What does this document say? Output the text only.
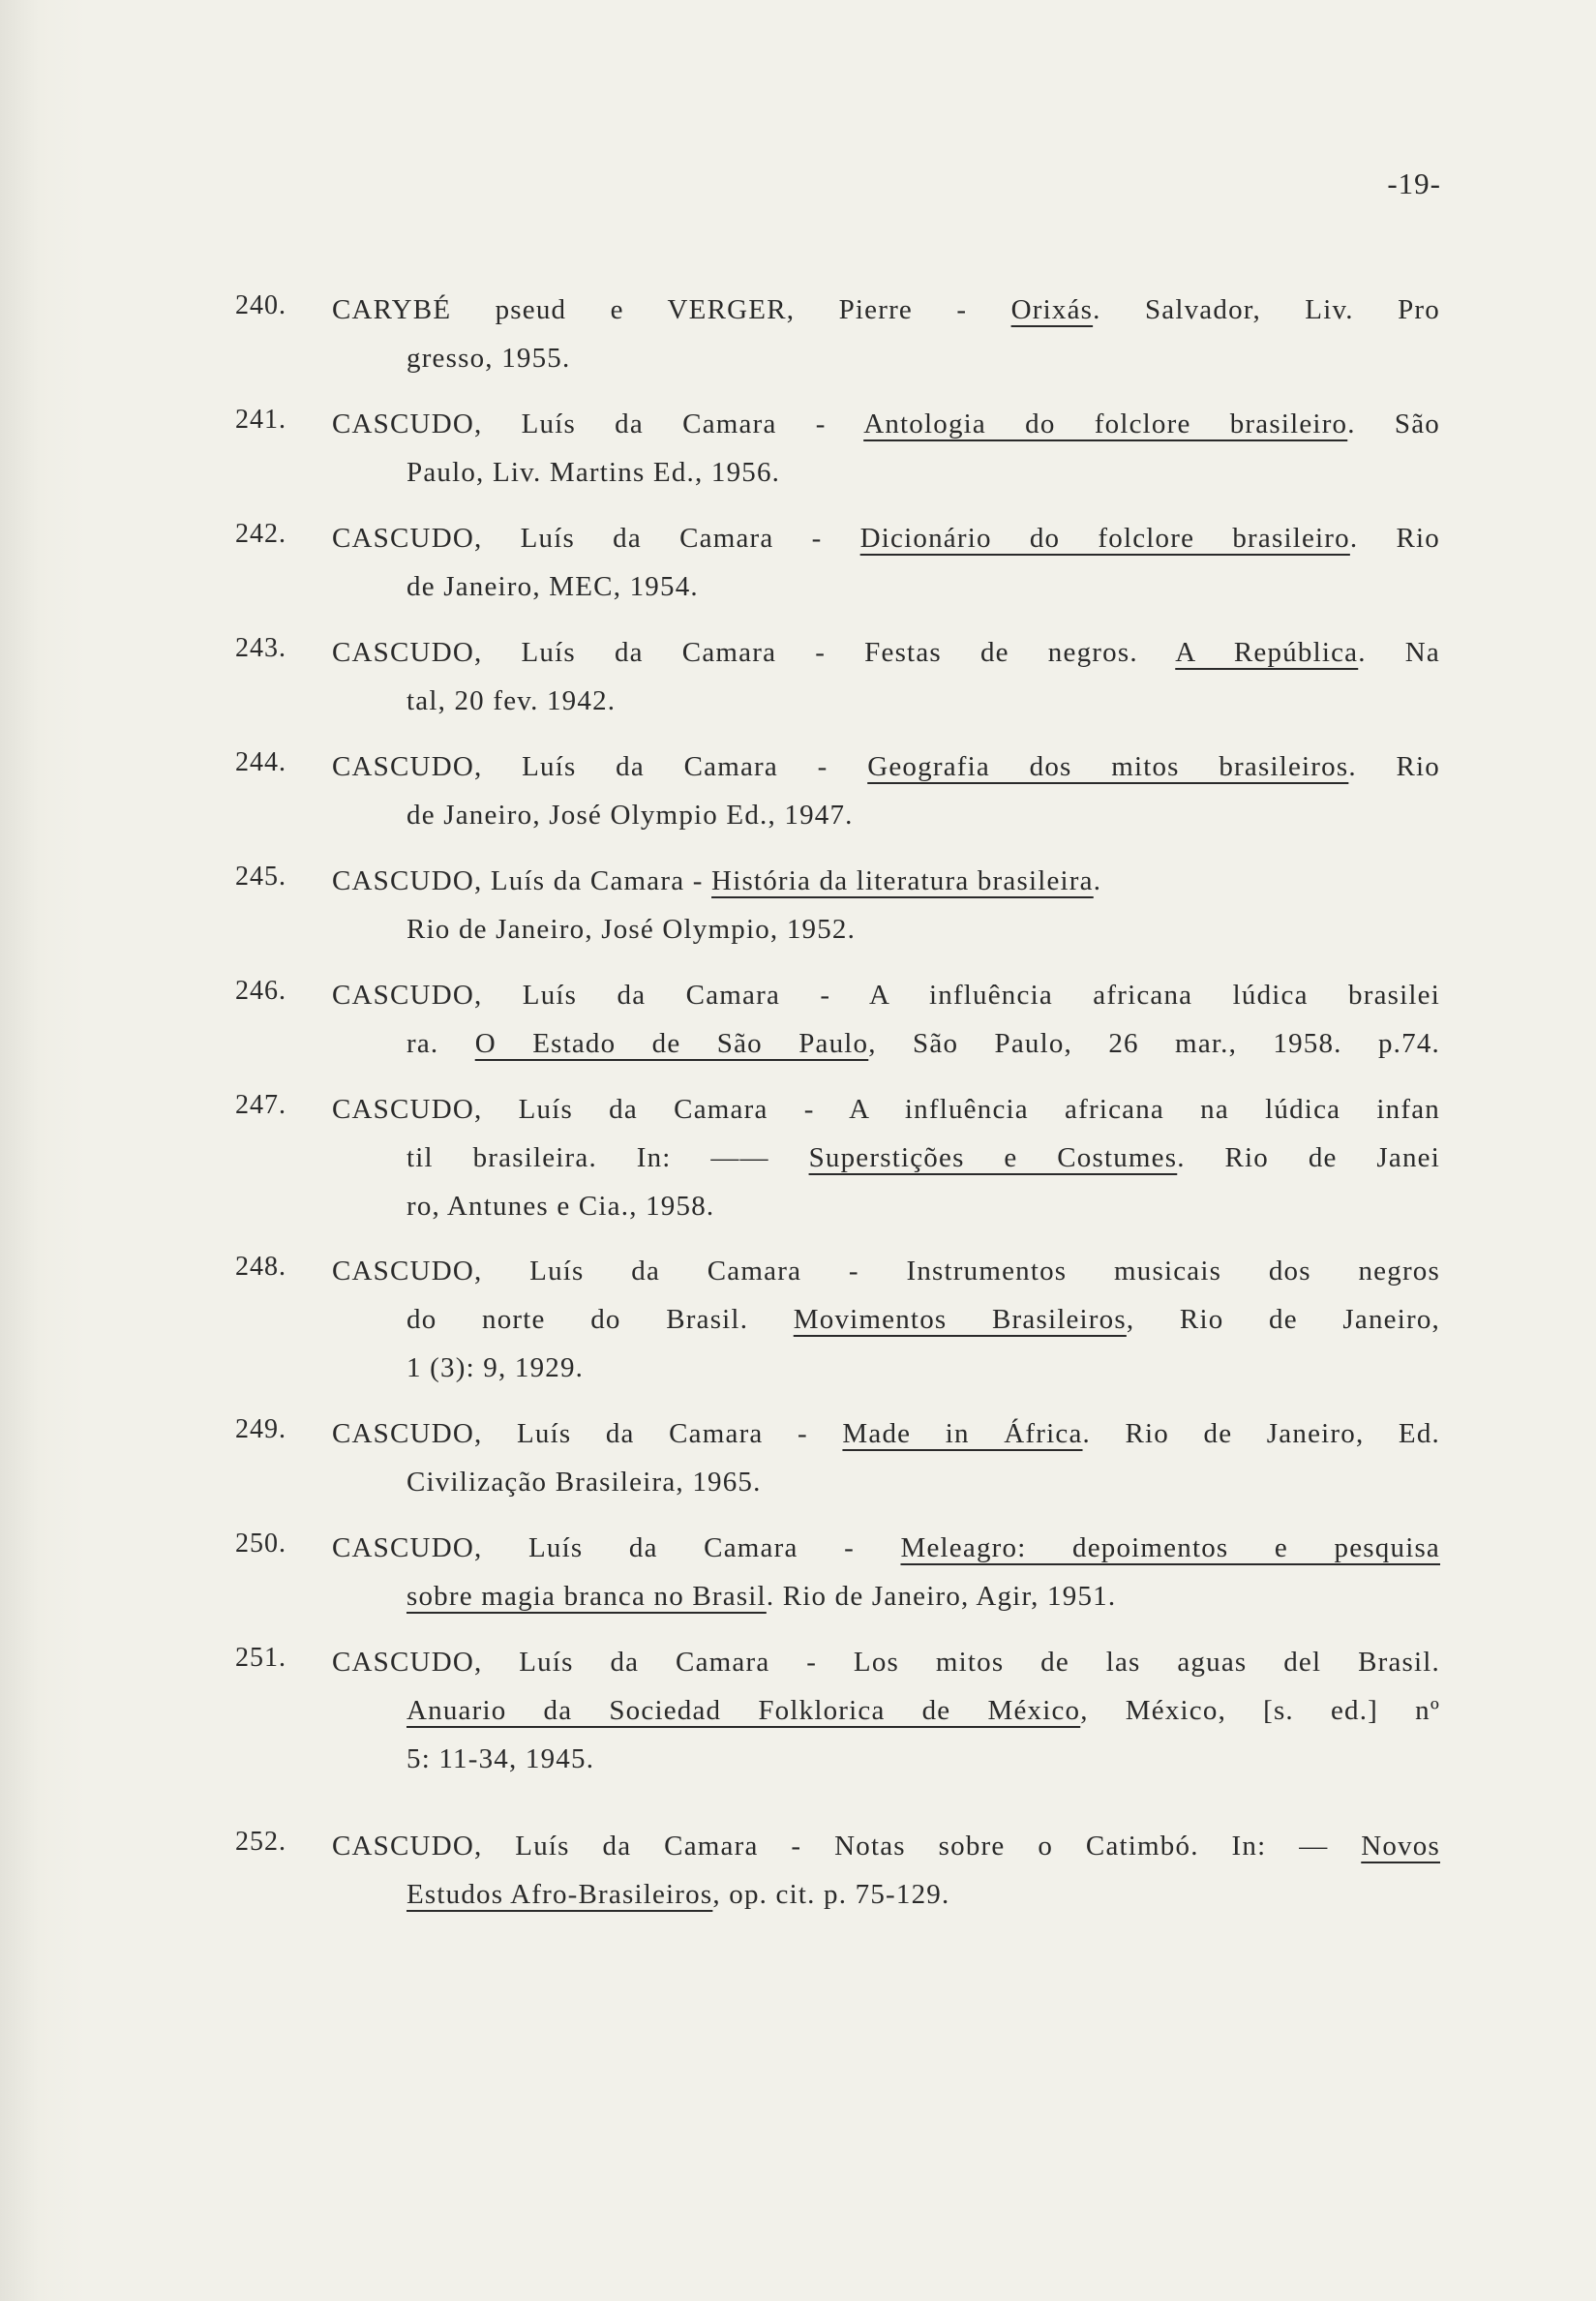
-19-
240. CARYBÉ pseud e VERGER, Pierre - Orixás. Salvador, Liv. Pro
gresso, 1955.
241. CASCUDO, Luís da Camara - Antologia do folclore brasileiro. São
Paulo, Liv. Martins Ed., 1956.
242. CASCUDO, Luís da Camara - Dicionário do folclore brasileiro. Rio
de Janeiro, MEC, 1954.
243. CASCUDO, Luís da Camara - Festas de negros. A República. Na
tal, 20 fev. 1942.
244. CASCUDO, Luís da Camara - Geografia dos mitos brasileiros. Rio
de Janeiro, José Olympio Ed., 1947.
245. CASCUDO, Luís da Camara - História da literatura brasileira.
Rio de Janeiro, José Olympio, 1952.
246. CASCUDO, Luís da Camara - A influência africana lúdica brasilei
ra. O Estado de São Paulo, São Paulo, 26 mar., 1958. p.74.
247. CASCUDO, Luís da Camara - A influência africana na lúdica infan
til brasileira. In: —— Superstições e Costumes. Rio de Janei
ro, Antunes e Cia., 1958.
248. CASCUDO, Luís da Camara - Instrumentos musicais dos negros
do norte do Brasil. Movimentos Brasileiros, Rio de Janeiro,
1 (3): 9, 1929.
249. CASCUDO, Luís da Camara - Made in África. Rio de Janeiro, Ed.
Civilização Brasileira, 1965.
250. CASCUDO, Luís da Camara - Meleagro: depoimentos e pesquisa
sobre magia branca no Brasil. Rio de Janeiro, Agir, 1951.
251. CASCUDO, Luís da Camara - Los mitos de las aguas del Brasil.
Anuario da Sociedad Folklorica de México, México, [s. ed.] nº
5: 11-34, 1945.
252. CASCUDO, Luís da Camara - Notas sobre o Catimbó. In: — Novos
Estudos Afro-Brasileiros, op. cit. p. 75-129.
